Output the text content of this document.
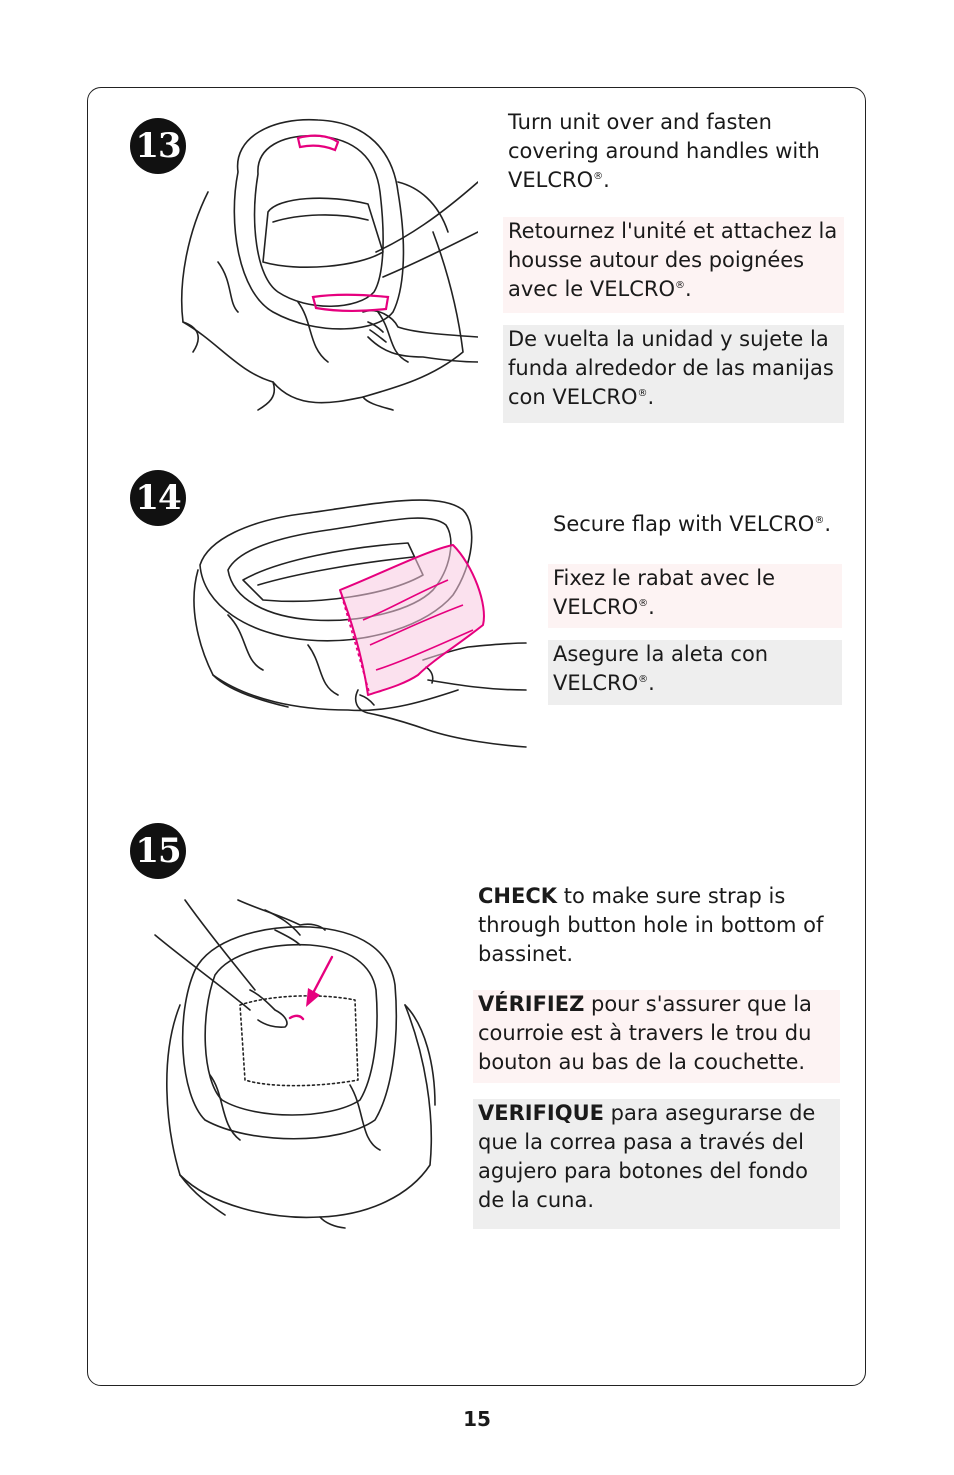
13
Turn unit over and fasten covering around handles with VELCRO®.
Retournez l'unité et attachez la housse autour des poignées avec le VELCRO®.
De vuelta la unidad y sujete la funda alrededor de las manijas con VELCRO®.
14
Secure flap with VELCRO®.
Fixez le rabat avec le VELCRO®.
Asegure la aleta con VELCRO®.
15
CHECK to make sure strap is through button hole in bottom of bassinet.
VÉRIFIEZ pour s'assurer que la courroie est à travers le trou du bouton au bas de la couchette.
VERIFIQUE para asegurarse de que la correa pasa a través del agujero para botones del fondo de la cuna.
15
